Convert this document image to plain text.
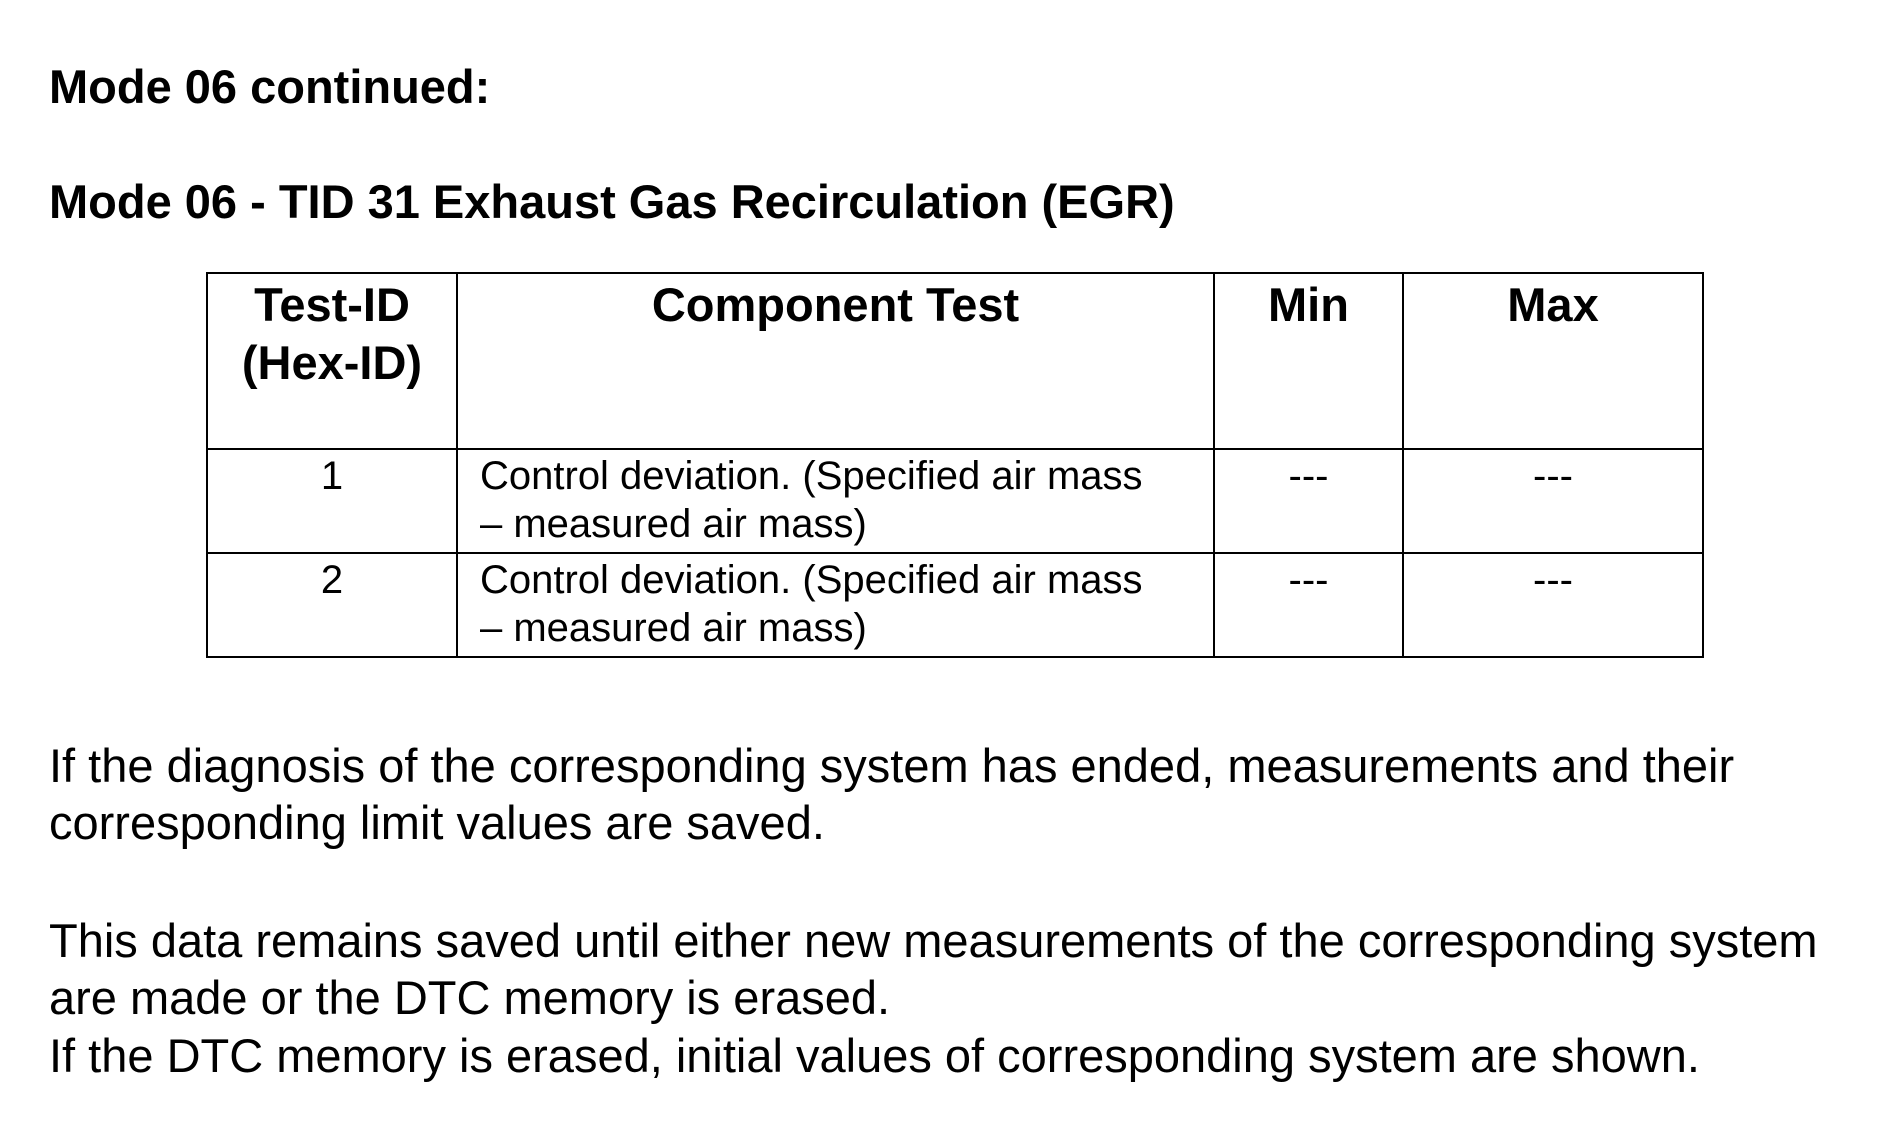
Mode 06 continued:
Mode 06 - TID 31 Exhaust Gas Recirculation (EGR)
Test-ID
(Hex-ID)	Component Test	Min	Max
1	Control deviation. (Specified air mass
– measured air mass)	---	---
2	Control deviation. (Specified air mass
– measured air mass)	---	---

If the diagnosis of the corresponding system has ended, measurements and their corresponding limit values are saved.

This data remains saved until either new measurements of the corresponding system are made or the DTC memory is erased.

If the DTC memory is erased, initial values of corresponding system are shown.
